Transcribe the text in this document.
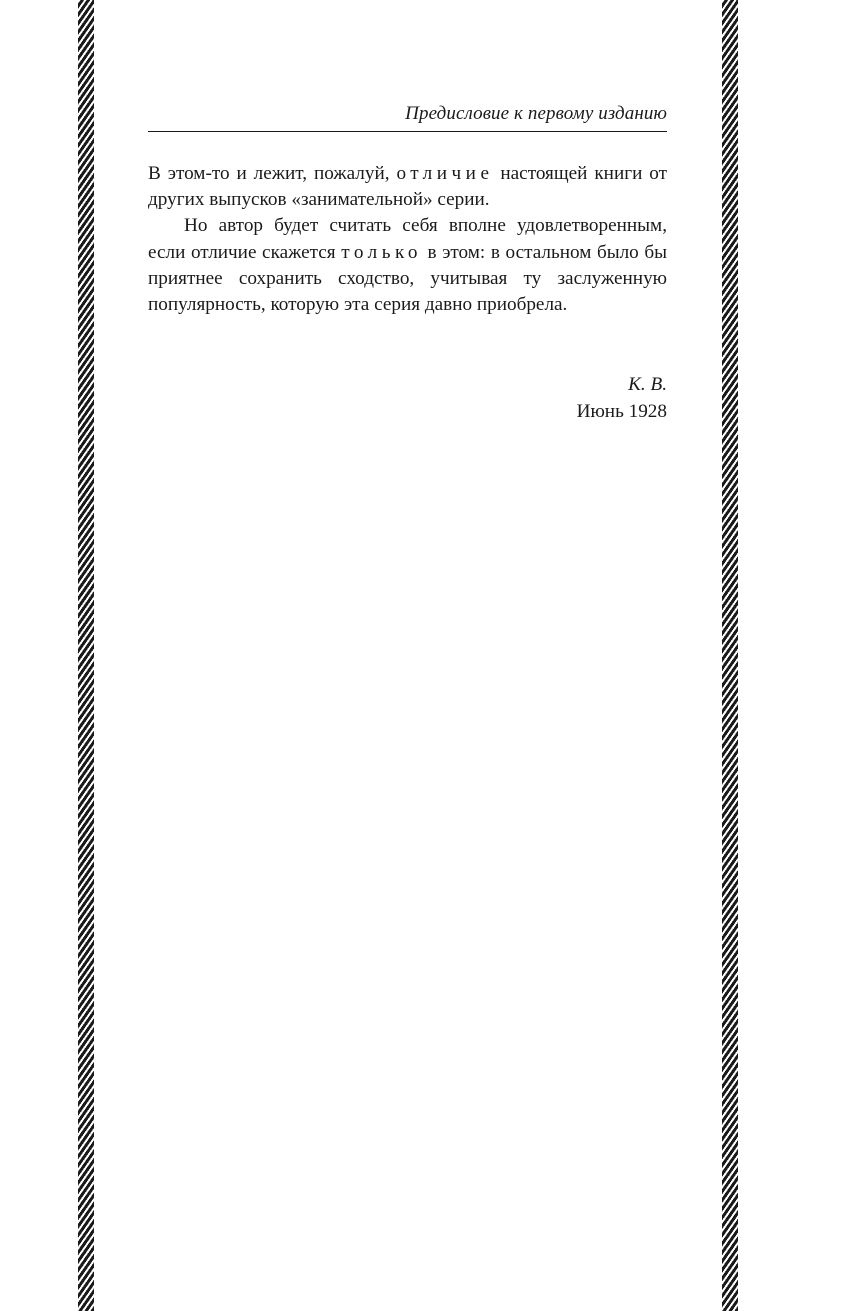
Предисловие к первому изданию

В этом-то и лежит, пожалуй, отличие настоящей книги от других выпусков «занимательной» серии.

Но автор будет считать себя вполне удовлетворенным, если отличие скажется только в этом: в остальном было бы приятнее сохранить сходство, учитывая ту заслуженную популярность, которую эта серия давно приобрела.

К. В.
Июнь 1928
